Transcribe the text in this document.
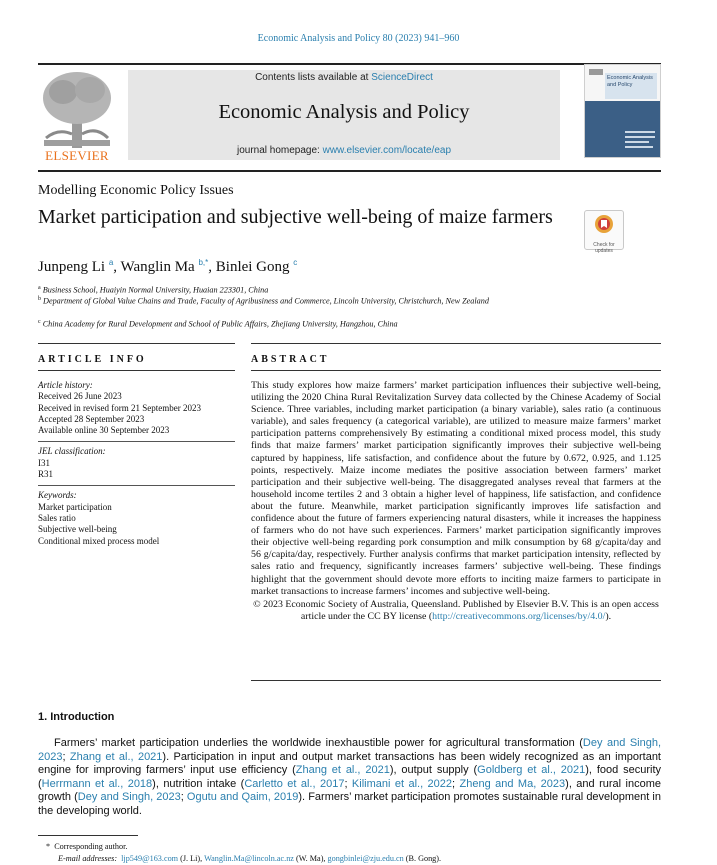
Economic Analysis and Policy 80 (2023) 941–960
ELSEVIER
Contents lists available at ScienceDirect
Economic Analysis and Policy
journal homepage: www.elsevier.com/locate/eap
Economic Analysis and Policy
Modelling Economic Policy Issues
Market participation and subjective well-being of maize farmers
Check for updates
Junpeng Li $^a$, Wanglin Ma $^{b,*}$, Binlei Gong $^c$
$^a$ Business School, Huaiyin Normal University, Huaian 223301, China
$^b$ Department of Global Value Chains and Trade, Faculty of Agribusiness and Commerce, Lincoln University, Christchurch, New Zealand
$^c$ China Academy for Rural Development and School of Public Affairs, Zhejiang University, Hangzhou, China
ARTICLE INFO	ABSTRACT
Article history:
Received 26 June 2023
Received in revised form 21 September 2023
Accepted 28 September 2023
Available online 30 September 2023
JEL classification:
I31
R31
Keywords:
Market participation
Sales ratio
Subjective well-being
Conditional mixed process model

This study explores how maize farmers’ market participation influences their subjective well-being, utilizing the 2020 China Rural Revitalization Survey data collected by the Chinese Academy of Social Science. Three variables, including market participation (a binary variable), sales ratio (a continuous variable), and sales frequency (a categorical variable), are utilized to measure maize farmers’ market participation patterns comprehensively By estimating a conditional mixed process model, this study finds that maize farmers’ market participation significantly improves their subjective well-being captured by happiness, life satisfaction, and confidence about the future by 0.672, 0.925, and 1.125 points, respectively. Maize income mediates the positive association between farmers’ market participation and their subjective well-being. The disaggregated analyses reveal that farmers at the household income tertiles 2 and 3 obtain a higher level of happiness, life satisfaction, and confidence about the future. Meanwhile, market participation significantly improves life satisfaction and confidence about the future of farmers experiencing natural disasters, while it increases the happiness of farmers who do not have such experiences. Farmers’ market participation significantly improves their objective well-being regarding pork consumption and milk consumption by 68 g/capita/day and 56 g/capita/day, respectively. Further analysis confirms that market participation intensity, reflected by sales ratio and frequency, significantly increases farmers’ subjective well-being. These findings highlight that the government should devote more efforts to inciting maize farmers to participate in market transactions to increase farmers’ incomes and subjective well-being.

© 2023 Economic Society of Australia, Queensland. Published by Elsevier B.V. This is an open access article under the CC BY license (http://creativecommons.org/licenses/by/4.0/).

1. Introduction

Farmers’ market participation underlies the worldwide inexhaustible power for agricultural transformation (Dey and Singh, 2023; Zhang et al., 2021). Participation in input and output market transactions has been widely recognized as an important engine for improving farmers’ input use efficiency (Zhang et al., 2021), output supply (Goldberg et al., 2021), food security (Herrmann et al., 2018), nutrition intake (Carletto et al., 2017; Kilimani et al., 2022; Zheng and Ma, 2023), and rural income growth (Dey and Singh, 2023; Ogutu and Qaim, 2019). Farmers’ market participation promotes sustainable rural development in the developing world.

*  Corresponding author.
E-mail addresses: ljp549@163.com (J. Li), Wanglin.Ma@lincoln.ac.nz (W. Ma), gongbinlei@zju.edu.cn (B. Gong).
